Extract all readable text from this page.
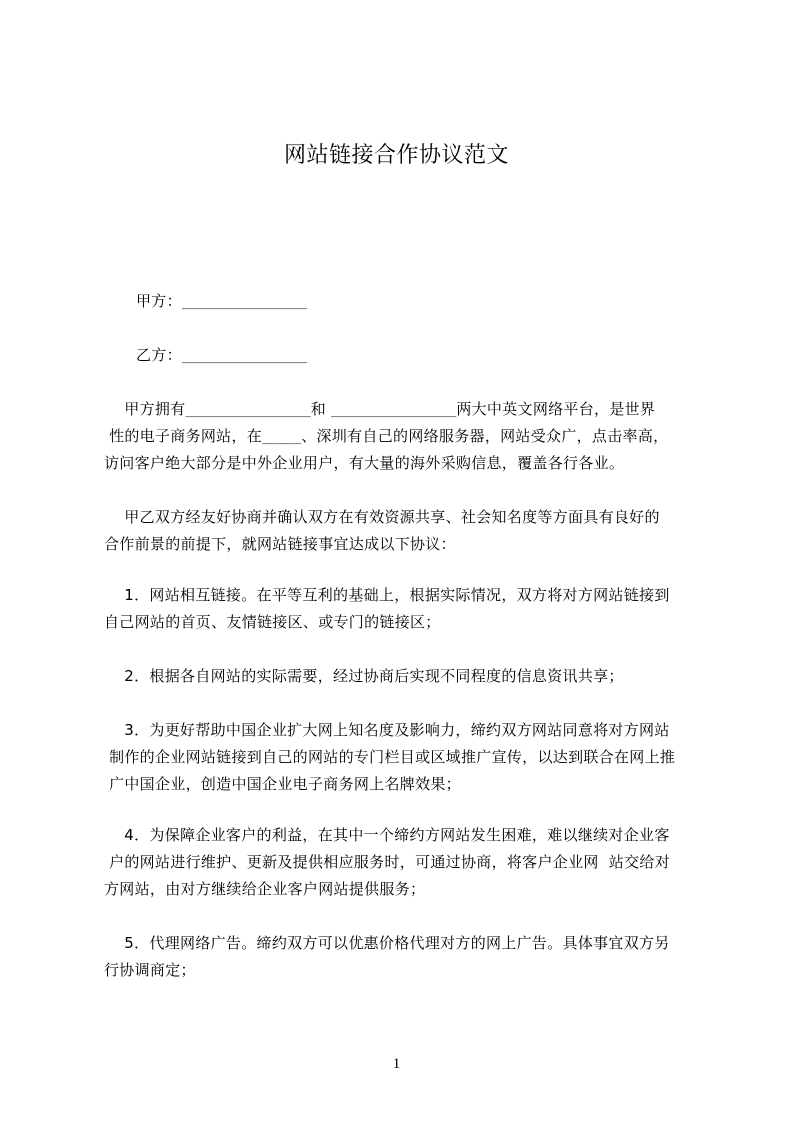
网站链接合作协议范文
甲方：________________
乙方：________________
甲方拥有________________和 ________________两大中英文网络平台，是世界
性的电子商务网站，在_____、深圳有自己的网络服务器，网站受众广，点击率高，
访问客户绝大部分是中外企业用户，有大量的海外采购信息，覆盖各行各业。
甲乙双方经友好协商并确认双方在有效资源共享、社会知名度等方面具有良好的
合作前景的前提下，就网站链接事宜达成以下协议：
1．网站相互链接。在平等互利的基础上，根据实际情况，双方将对方网站链接到
自己网站的首页、友情链接区、或专门的链接区；
2．根据各自网站的实际需要，经过协商后实现不同程度的信息资讯共享；
3．为更好帮助中国企业扩大网上知名度及影响力，缔约双方网站同意将对方网站
制作的企业网站链接到自己的网站的专门栏目或区域推广宣传，以达到联合在网上推
广中国企业，创造中国企业电子商务网上名牌效果；
4．为保障企业客户的利益，在其中一个缔约方网站发生困难，难以继续对企业客
户的网站进行维护、更新及提供相应服务时，可通过协商，将客户企业网  站交给对
方网站，由对方继续给企业客户网站提供服务；
5．代理网络广告。缔约双方可以优惠价格代理对方的网上广告。具体事宜双方另
行协调商定；
1
